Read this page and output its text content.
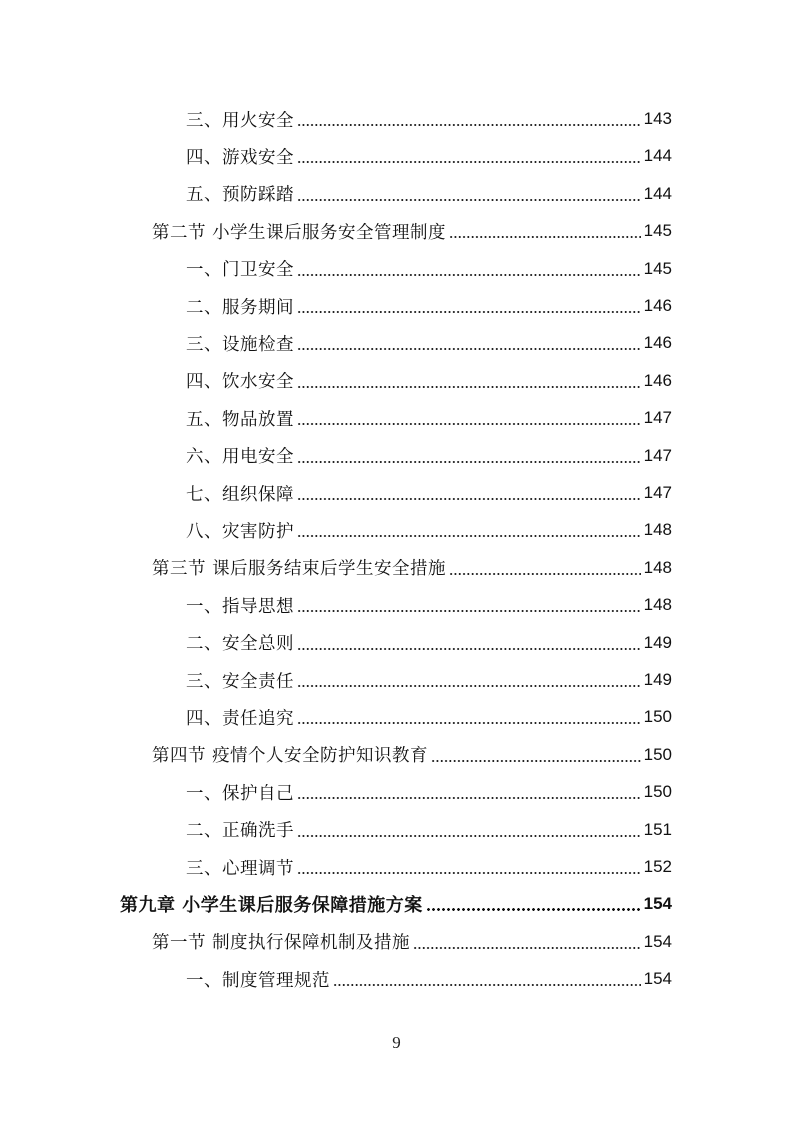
三、用火安全	143
四、游戏安全	144
五、预防踩踏	144
第二节 小学生课后服务安全管理制度	145
一、门卫安全	145
二、服务期间	146
三、设施检查	146
四、饮水安全	146
五、物品放置	147
六、用电安全	147
七、组织保障	147
八、灾害防护	148
第三节 课后服务结束后学生安全措施	148
一、指导思想	148
二、安全总则	149
三、安全责任	149
四、责任追究	150
第四节 疫情个人安全防护知识教育	150
一、保护自己	150
二、正确洗手	151
三、心理调节	152
第九章 小学生课后服务保障措施方案	154
第一节 制度执行保障机制及措施	154
一、制度管理规范	154
9
